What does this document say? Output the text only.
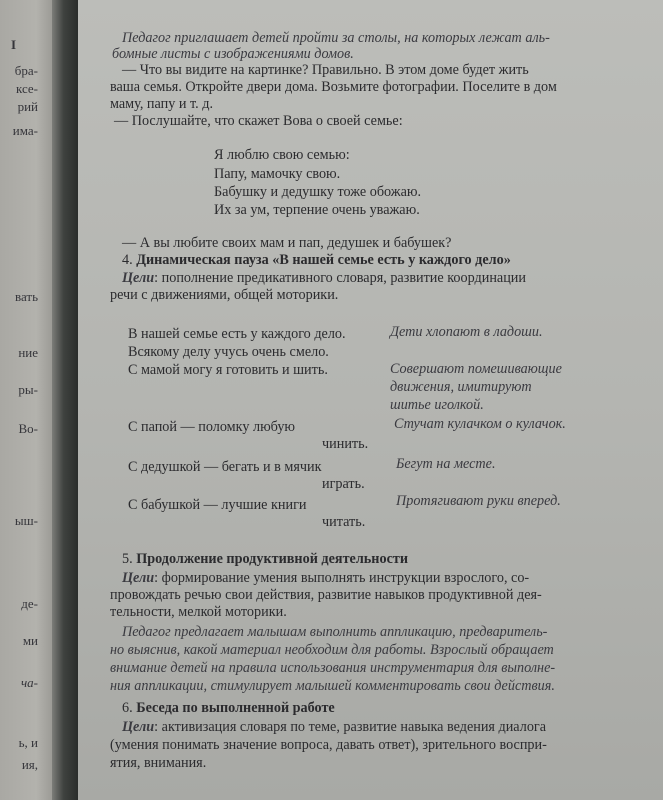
I
бра-
ксе-
рий
има-
вать
ние
ры-
Во-
ыш-
де-
ми
ча-
ь, и
ия,
Педагог приглашает детей пройти за столы, на которых лежат аль-
бомные листы с изображениями домов.
— Что вы видите на картинке? Правильно. В этом доме будет жить
ваша семья. Откройте двери дома. Возьмите фотографии. Поселите в дом
маму, папу и т. д.
— Послушайте, что скажет Вова о своей семье:
Я люблю свою семью:
Папу, мамочку свою.
Бабушку и дедушку тоже обожаю.
Их за ум, терпение очень уважаю.
— А вы любите своих мам и пап, дедушек и бабушек?
4. Динамическая пауза «В нашей семье есть у каждого дело»
Цели: пополнение предикативного словаря, развитие координации
речи с движениями, общей моторики.
В нашей семье есть у каждого дело.	Дети хлопают в ладоши.
Всякому делу учусь очень смело.
С мамой могу я готовить и шить.	Совершают помешивающие
движения, имитируют
шитье иголкой.
С папой — поломку любую	Стучат кулачком о кулачок.
чинить.
С дедушкой — бегать и в мячик	Бегут на месте.
играть.
С бабушкой — лучшие книги	Протягивают руки вперед.
читать.
5. Продолжение продуктивной деятельности
Цели: формирование умения выполнять инструкции взрослого, со-
провождать речью свои действия, развитие навыков продуктивной дея-
тельности, мелкой моторики.
Педагог предлагает малышам выполнить аппликацию, предваритель-
но выяснив, какой материал необходим для работы. Взрослый обращает
внимание детей на правила использования инструментария для выполне-
ния аппликации, стимулирует малышей комментировать свои действия.
6. Беседа по выполненной работе
Цели: активизация словаря по теме, развитие навыка ведения диалога
(умения понимать значение вопроса, давать ответ), зрительного воспри-
ятия, внимания.
